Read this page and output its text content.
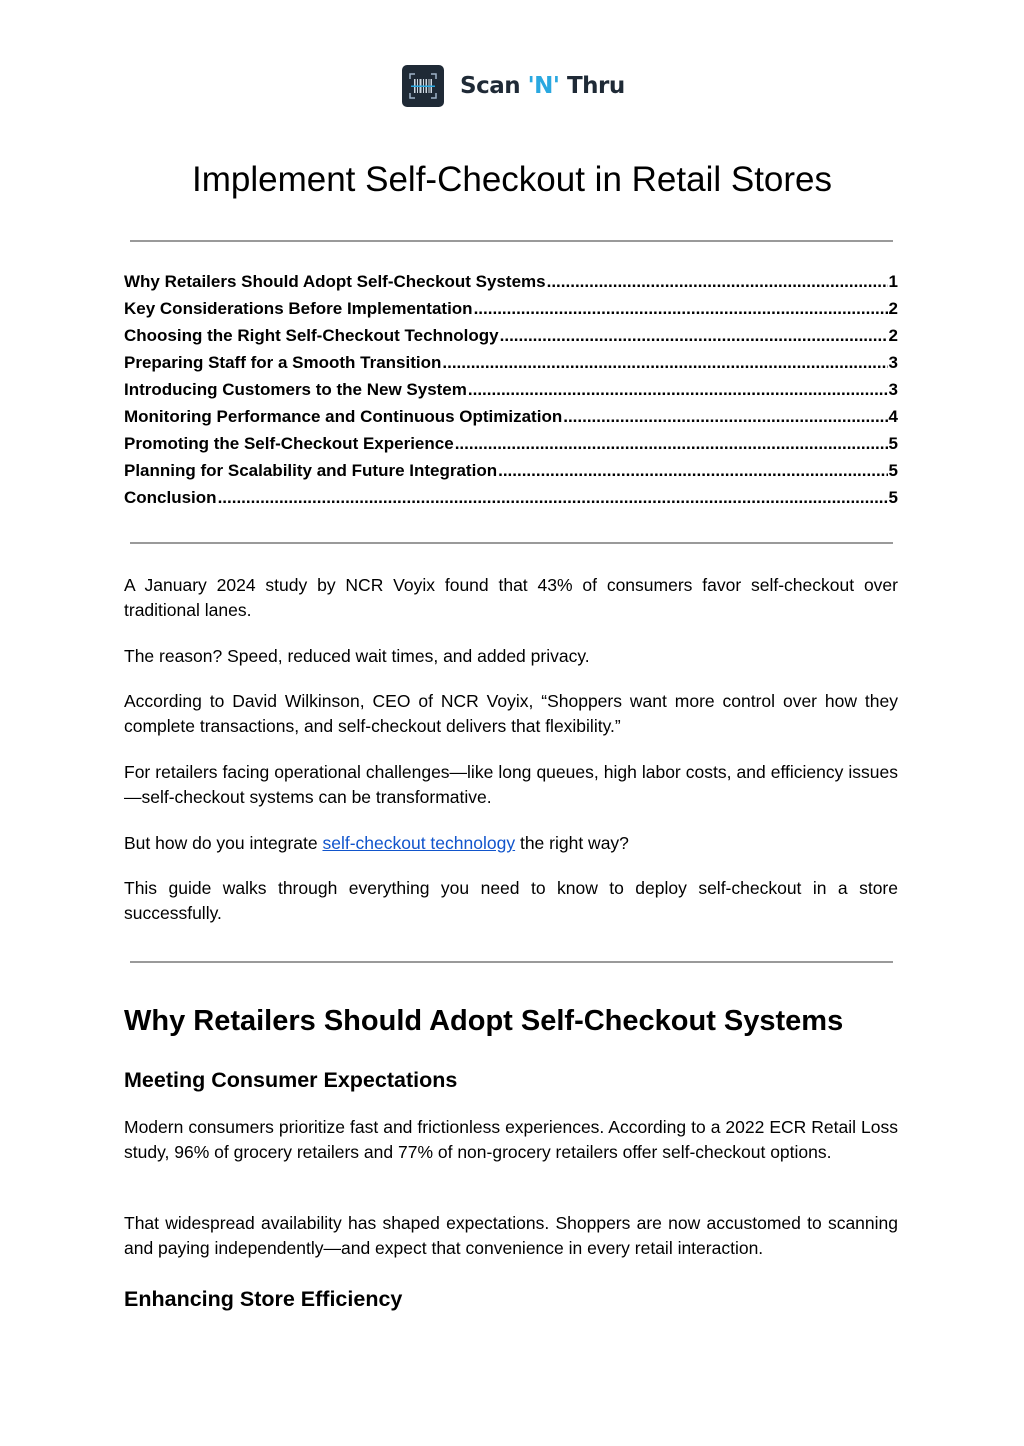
Scan 'N' Thru
Implement Self-Checkout in Retail Stores
Why Retailers Should Adopt Self-Checkout Systems .....	1
Key Considerations Before Implementation .....	2
Choosing the Right Self-Checkout Technology .....	2
Preparing Staff for a Smooth Transition .....	3
Introducing Customers to the New System .....	3
Monitoring Performance and Continuous Optimization .....	4
Promoting the Self-Checkout Experience .....	5
Planning for Scalability and Future Integration .....	5
Conclusion .....	5

A January 2024 study by NCR Voyix found that 43% of consumers favor self-checkout over traditional lanes.

The reason? Speed, reduced wait times, and added privacy.

According to David Wilkinson, CEO of NCR Voyix, “Shoppers want more control over how they complete transactions, and self-checkout delivers that flexibility.”

For retailers facing operational challenges—like long queues, high labor costs, and efficiency issues—self-checkout systems can be transformative.

But how do you integrate self-checkout technology the right way?

This guide walks through everything you need to know to deploy self-checkout in a store successfully.

Why Retailers Should Adopt Self-Checkout Systems
Meeting Consumer Expectations

Modern consumers prioritize fast and frictionless experiences. According to a 2022 ECR Retail Loss study, 96% of grocery retailers and 77% of non-grocery retailers offer self-checkout options.

That widespread availability has shaped expectations. Shoppers are now accustomed to scanning and paying independently—and expect that convenience in every retail interaction.

Enhancing Store Efficiency
